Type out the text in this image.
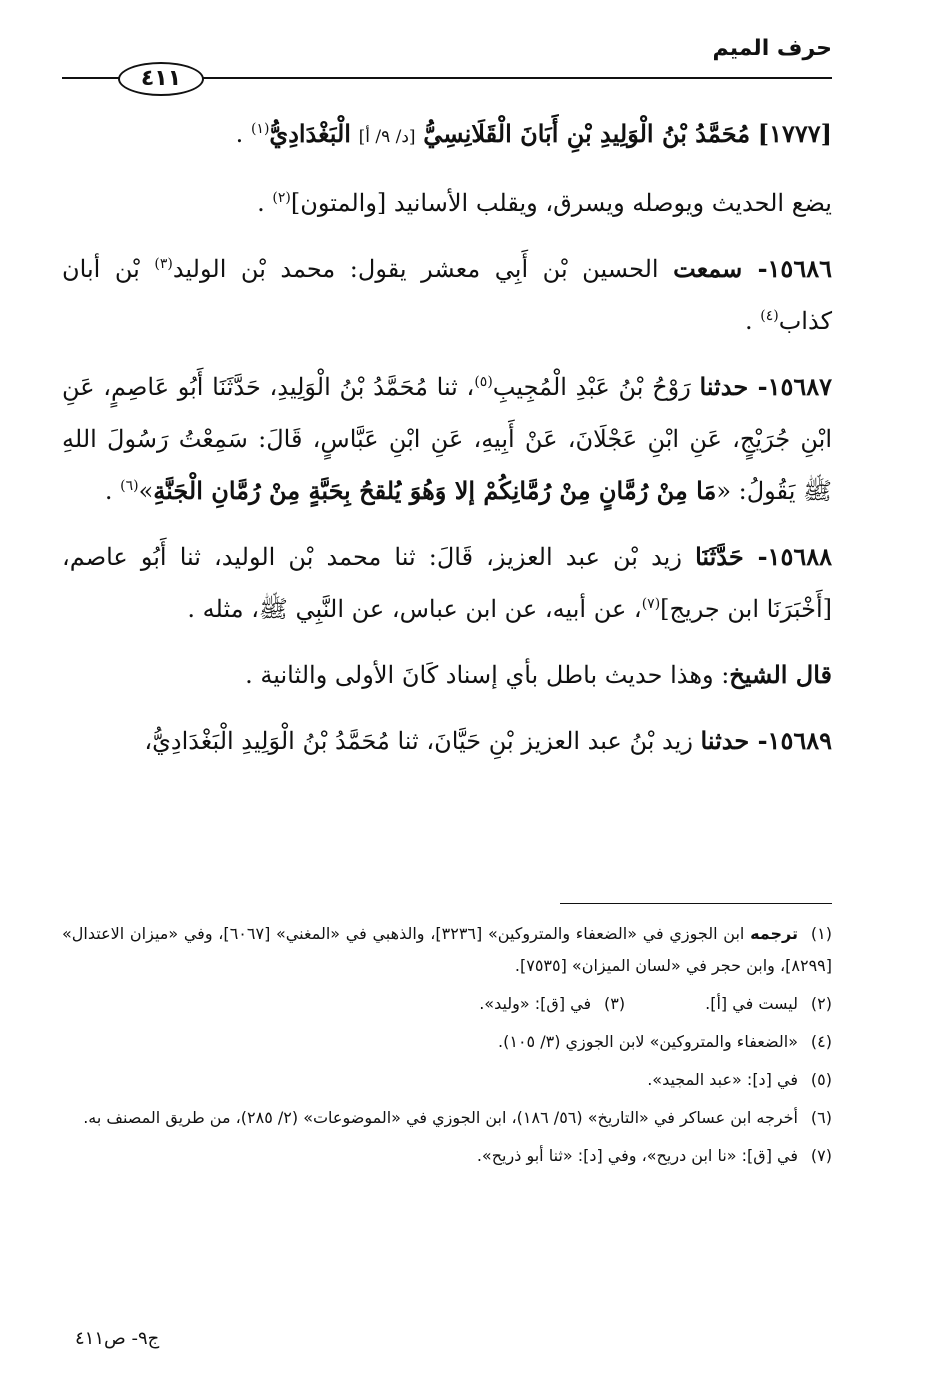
حرف الميم
٤١١

[١٧٧٧] مُحَمَّدُ بْنُ الْوَلِيدِ بْنِ أَبَانَ الْقَلَانِسِيُّ [د/ ٩/ أ] الْبَغْدَادِيُّ$^{(١)}$ .

يضع الحديث ويوصله ويسرق، ويقلب الأسانيد [والمتون]$^{(٢)}$ .

١٥٦٨٦- سمعت الحسين بْن أَبِي معشر يقول: محمد بْن الوليد$^{(٣)}$ بْن أبان كذاب$^{(٤)}$ .

١٥٦٨٧- حدثنا رَوْحُ بْنُ عَبْدِ الْمُجِيبِ$^{(٥)}$، ثنا مُحَمَّدُ بْنُ الْوَلِيدِ، حَدَّثَنَا أَبُو عَاصِمٍ، عَنِ ابْنِ جُرَيْجٍ، عَنِ ابْنِ عَجْلَانَ، عَنْ أَبِيهِ، عَنِ ابْنِ عَبَّاسٍ، قَالَ: سَمِعْتُ رَسُولَ اللهِ ﷺ يَقُولُ: «مَا مِنْ رُمَّانٍ مِنْ رُمَّانِكُمْ إلا وَهُوَ يُلقحُ بِحَبَّةٍ مِنْ رُمَّانِ الْجَنَّةِ»$^{(٦)}$ .

١٥٦٨٨- حَدَّثَنَا زيد بْن عبد العزيز، قَالَ: ثنا محمد بْن الوليد، ثنا أَبُو عاصم، [أَخْبَرَنَا ابن جريج]$^{(٧)}$، عن أبيه، عن ابن عباس، عن النَّبِي ﷺ، مثله .

قال الشيخ: وهذا حديث باطل بأي إسناد كَانَ الأولى والثانية .

١٥٦٨٩- حدثنا زيد بْنُ عبد العزيز بْنِ حَيَّانَ، ثنا مُحَمَّدُ بْنُ الْوَلِيدِ الْبَغْدَادِيُّ،

(١)ترجمه ابن الجوزي في «الضعفاء والمتروكين» [٣٢٣٦]، والذهبي في «المغني» [٦٠٦٧]، وفي «ميزان الاعتدال» [٨٢٩٩]، وابن حجر في «لسان الميزان» [٧٥٣٥].
(٢)ليست في [أ].
(٣)في [ق]: «وليد».
(٤)«الضعفاء والمتروكين» لابن الجوزي (٣/ ١٠٥).
(٥)في [د]: «عبد المجيد».
(٦)أخرجه ابن عساكر في «التاريخ» (٥٦/ ١٨٦)، ابن الجوزي في «الموضوعات» (٢/ ٢٨٥)، من طريق المصنف به.
(٧)في [ق]: «نا ابن دريح»، وفي [د]: «ثنا أبو ذريح».
ج٩- ص٤١١
